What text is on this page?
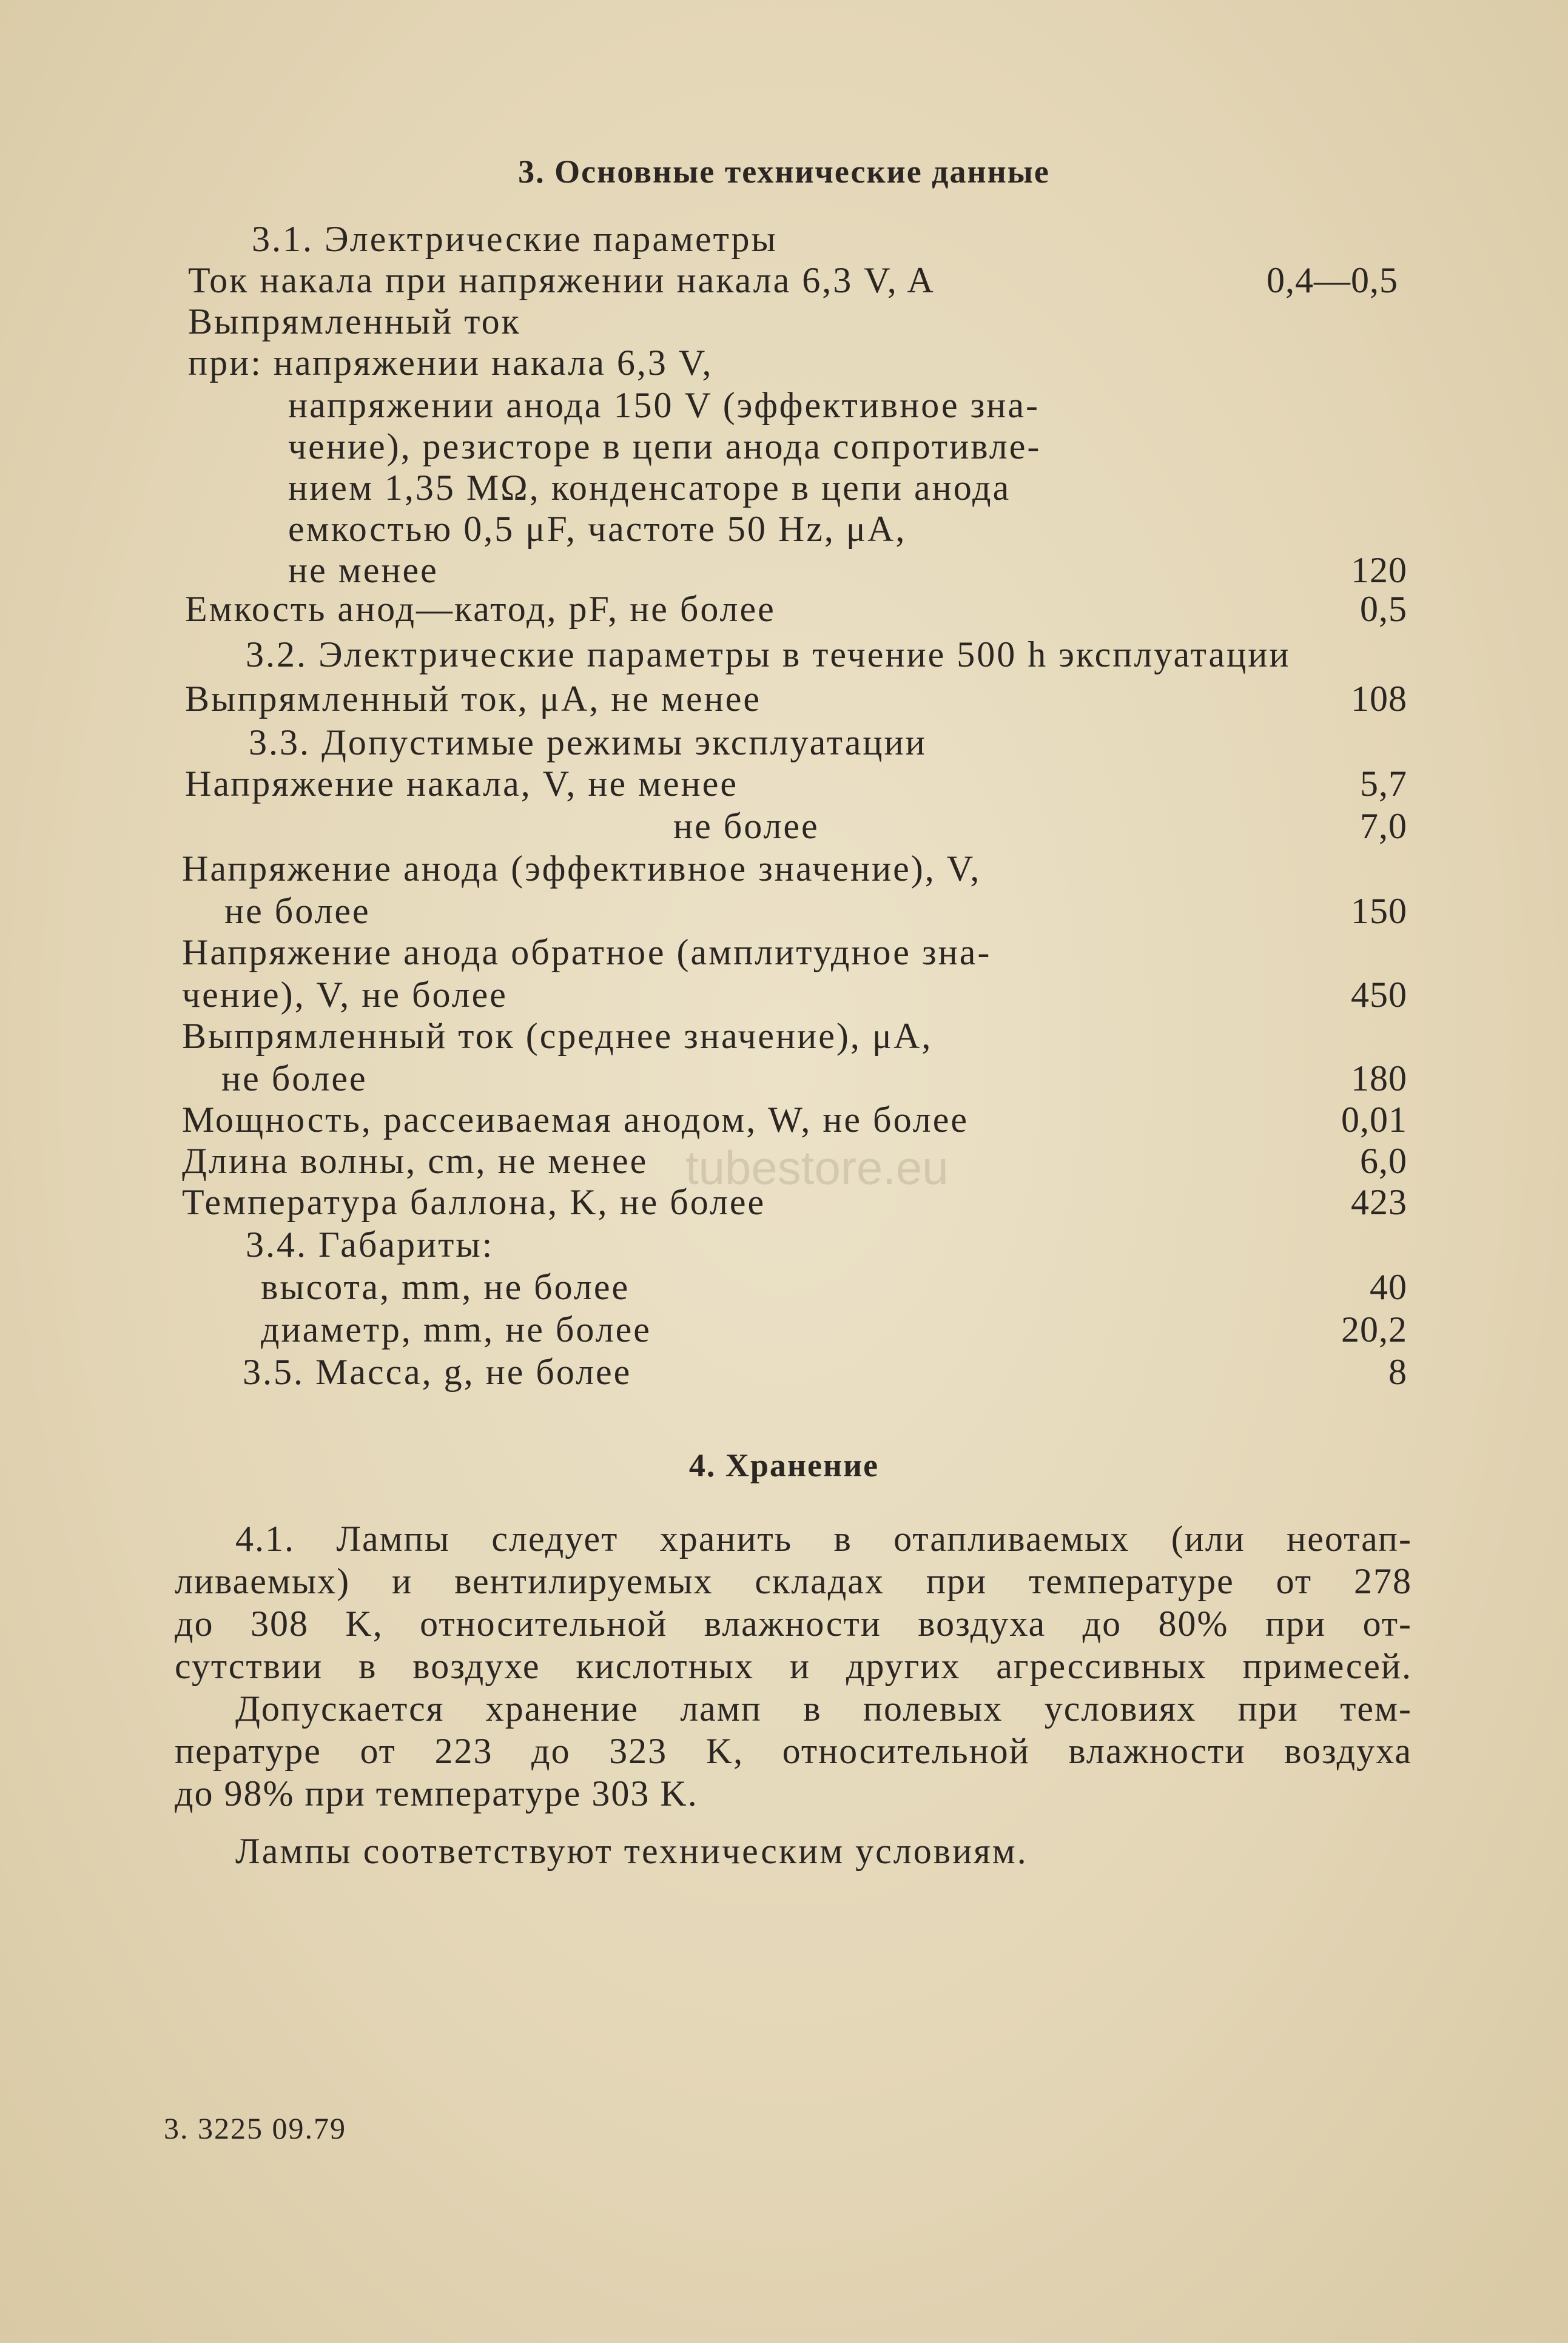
tubestore.eu
3. Основные технические данные
3.1. Электрические параметры
Ток накала при напряжении накала 6,3 V, A	0,4—0,5
Выпрямленный ток
при: напряжении накала 6,3 V,
напряжении анода 150 V (эффективное зна-
чение), резисторе в цепи анода сопротивле-
нием 1,35 MΩ, конденсаторе в цепи анода
емкостью 0,5 μF, частоте 50 Hz, μA,
не менее	120
Емкость анод—катод, pF, не более	0,5
3.2. Электрические параметры в течение 500 h эксплуатации
Выпрямленный ток, μA, не менее	108
3.3. Допустимые режимы эксплуатации
Напряжение накала, V, не менее	5,7
не более	7,0
Напряжение анода (эффективное значение), V,
не более	150
Напряжение анода обратное (амплитудное зна-
чение), V, не более	450
Выпрямленный ток (среднее значение), μA,
не более	180
Мощность, рассеиваемая анодом, W, не более	0,01
Длина волны, cm, не менее	6,0
Температура баллона, K, не более	423
3.4. Габариты:
высота, mm, не более	40
диаметр, mm, не более	20,2
3.5. Масса, g, не более	8
4. Хранение
4.1. Лампы следует хранить в отапливаемых (или неотап-
ливаемых) и вентилируемых складах при температуре от 278
до 308 K, относительной влажности воздуха до 80% при от-
сутствии в воздухе кислотных и других агрессивных примесей.
Допускается хранение ламп в полевых условиях при тем-
пературе от 223 до 323 K, относительной влажности воздуха
до 98% при температуре 303 K.
Лампы соответствуют техническим условиям.
3. 3225 09.79
